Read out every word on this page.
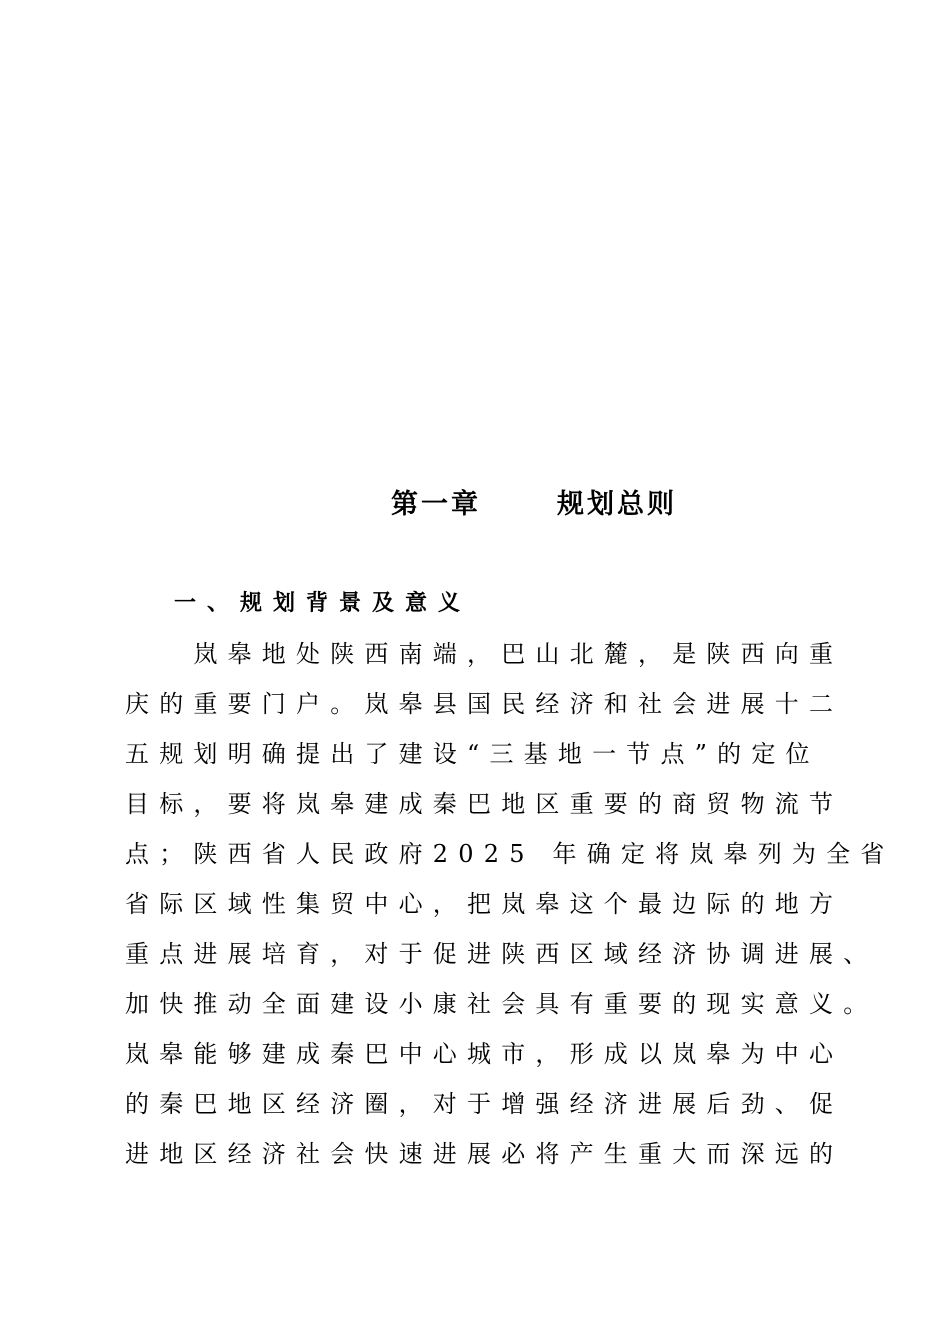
第一章	规划总则
一、规划背景及意义
　　岚皋地处陕西南端，巴山北麓，是陕西向重
庆的重要门户。岚皋县国民经济和社会进展十二
五规划明确提出了建设“三基地一节点”的定位
目标，要将岚皋建成秦巴地区重要的商贸物流节
点；陕西省人民政府2025 年确定将岚皋列为全省
省际区域性集贸中心，把岚皋这个最边际的地方
重点进展培育，对于促进陕西区域经济协调进展、
加快推动全面建设小康社会具有重要的现实意义。
岚皋能够建成秦巴中心城市，形成以岚皋为中心
的秦巴地区经济圈，对于增强经济进展后劲、促
进地区经济社会快速进展必将产生重大而深远的
